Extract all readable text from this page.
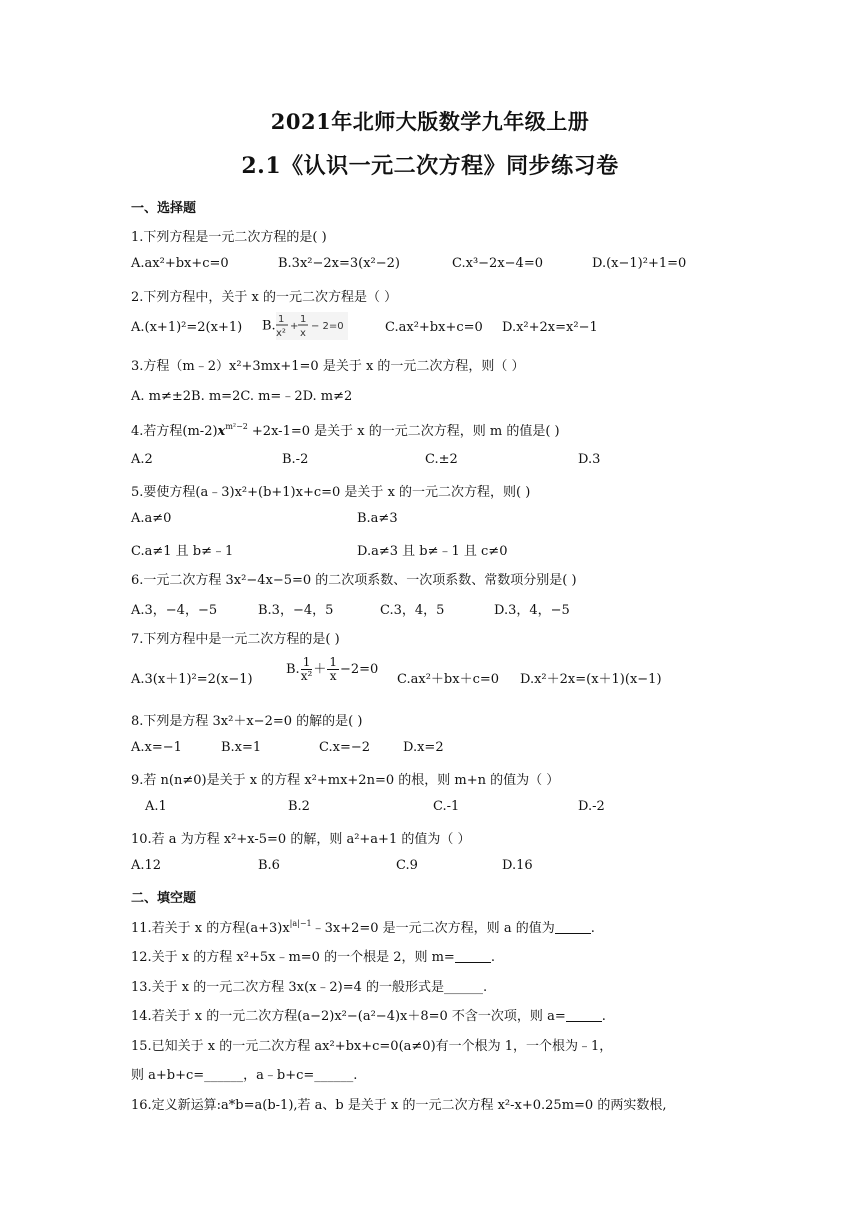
2021年北师大版数学九年级上册
2.1《认识一元二次方程》同步练习卷
一、选择题
1.下列方程是一元二次方程的是( )
A.ax²+bx+c=0	B.3x²−2x=3(x²−2)	C.x³−2x−4=0	D.(x−1)²+1=0
2.下列方程中，关于 x 的一元二次方程是（ ）
A.(x+1)²=2(x+1) B. 1
x²
+
1
x
− 2=0	C.ax²+bx+c=0 D.x²+2x=x²−1
3.方程（m﹣2）x²+3mx+1=0 是关于 x 的一元二次方程，则（ ）
A. m≠±2B. m=2C. m=﹣2D. m≠2
4.若方程$(m-2)x^{m^2-2} +2x-1=0$ 是关于 x 的一元二次方程，则 m 的值是( )
A.2	B.-2	C.±2	D.3
5.要使方程(a﹣3)x²+(b+1)x+c=0 是关于 x 的一元二次方程，则( )
A.a≠0	B.a≠3
C.a≠1 且 b≠﹣1	D.a≠3 且 b≠﹣1 且 c≠0
6.一元二次方程 3x²−4x−5=0 的二次项系数、一次项系数、常数项分别是( )
A.3，−4，−5	B.3，−4，5	C.3，4，5	D.3，4，−5
7.下列方程中是一元二次方程的是( )
A.3(x＋1)²=2(x−1)
B. $\frac{1}{\text{x²}} + \frac{1}{x} -2=0$
C.ax²＋bx＋c=0 D.x²＋2x=(x＋1)(x−1)
8.下列是方程 3x²＋x−2=0 的解的是( )
A.x=−1	B.x=1	C.x=−2	D.x=2
9.若 n(n≠0)是关于 x 的方程 x²+mx+2n=0 的根，则 m+n 的值为（ ）
A.1	B.2	C.-1	D.-2
10.若 a 为方程 x²+x-5=0 的解，则 a²+a+1 的值为（ ）
A.12	B.6	C.9	D.16
二、填空题
11.若关于 x 的方程$(a+3)x^{|a|-1}﹣3x+2=0$ 是一元二次方程，则 a 的值为	.
12.关于 x 的方程 x²+5x﹣m=0 的一个根是 2，则 m=	.
13.关于 x 的一元二次方程 3x(x﹣2)=4 的一般形式是______.
14.若关于 x 的一元二次方程(a−2)x²−(a²−4)x＋8=0 不含一次项，则 a=	.
15.已知关于 x 的一元二次方程 ax²+bx+c=0(a≠0)有一个根为 1，一个根为﹣1，
则 a+b+c=______，a﹣b+c=______.
16.定义新运算:a*b=a(b-1),若 a、b 是关于 x 的一元二次方程 x²-x+0.25m=0 的两实数根,
